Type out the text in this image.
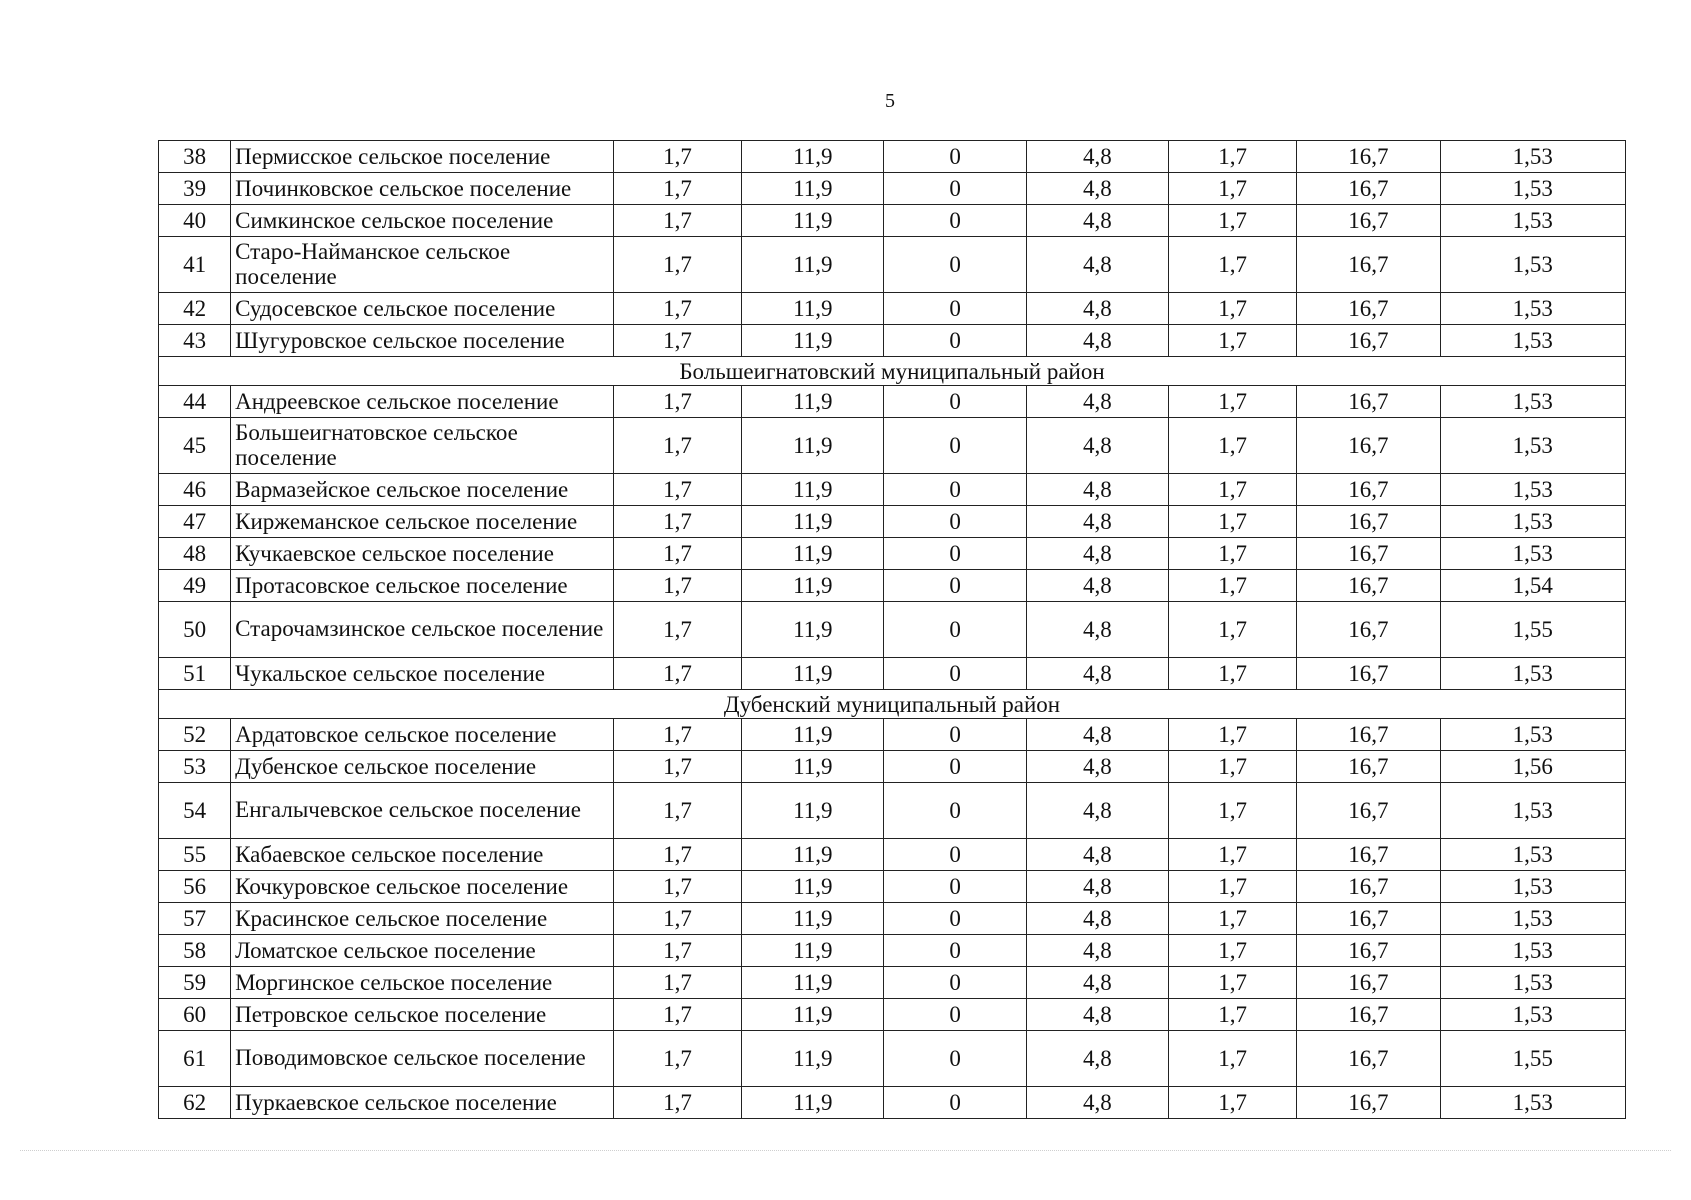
5
38	Пермисское сельское поселение	1,7	11,9	0	4,8	1,7	16,7	1,53
39	Починковское сельское поселение	1,7	11,9	0	4,8	1,7	16,7	1,53
40	Симкинское сельское поселение	1,7	11,9	0	4,8	1,7	16,7	1,53
41	Старо-Найманское сельское поселение	1,7	11,9	0	4,8	1,7	16,7	1,53
42	Судосевское сельское поселение	1,7	11,9	0	4,8	1,7	16,7	1,53
43	Шугуровское сельское поселение	1,7	11,9	0	4,8	1,7	16,7	1,53
Большеигнатовский муниципальный район								
44	Андреевское сельское поселение	1,7	11,9	0	4,8	1,7	16,7	1,53
45	Большеигнатовское сельское поселение	1,7	11,9	0	4,8	1,7	16,7	1,53
46	Вармазейское сельское поселение	1,7	11,9	0	4,8	1,7	16,7	1,53
47	Киржеманское сельское поселение	1,7	11,9	0	4,8	1,7	16,7	1,53
48	Кучкаевское сельское поселение	1,7	11,9	0	4,8	1,7	16,7	1,53
49	Протасовское сельское поселение	1,7	11,9	0	4,8	1,7	16,7	1,54
50	Старочамзинское сельское поселение	1,7	11,9	0	4,8	1,7	16,7	1,55
51	Чукальское сельское поселение	1,7	11,9	0	4,8	1,7	16,7	1,53
Дубенский муниципальный район								
52	Ардатовское сельское поселение	1,7	11,9	0	4,8	1,7	16,7	1,53
53	Дубенское сельское поселение	1,7	11,9	0	4,8	1,7	16,7	1,56
54	Енгалычевское сельское поселение	1,7	11,9	0	4,8	1,7	16,7	1,53
55	Кабаевское сельское поселение	1,7	11,9	0	4,8	1,7	16,7	1,53
56	Кочкуровское сельское поселение	1,7	11,9	0	4,8	1,7	16,7	1,53
57	Красинское сельское поселение	1,7	11,9	0	4,8	1,7	16,7	1,53
58	Ломатское сельское поселение	1,7	11,9	0	4,8	1,7	16,7	1,53
59	Моргинское сельское поселение	1,7	11,9	0	4,8	1,7	16,7	1,53
60	Петровское сельское поселение	1,7	11,9	0	4,8	1,7	16,7	1,53
61	Поводимовское сельское поселение	1,7	11,9	0	4,8	1,7	16,7	1,55
62	Пуркаевское сельское поселение	1,7	11,9	0	4,8	1,7	16,7	1,53
